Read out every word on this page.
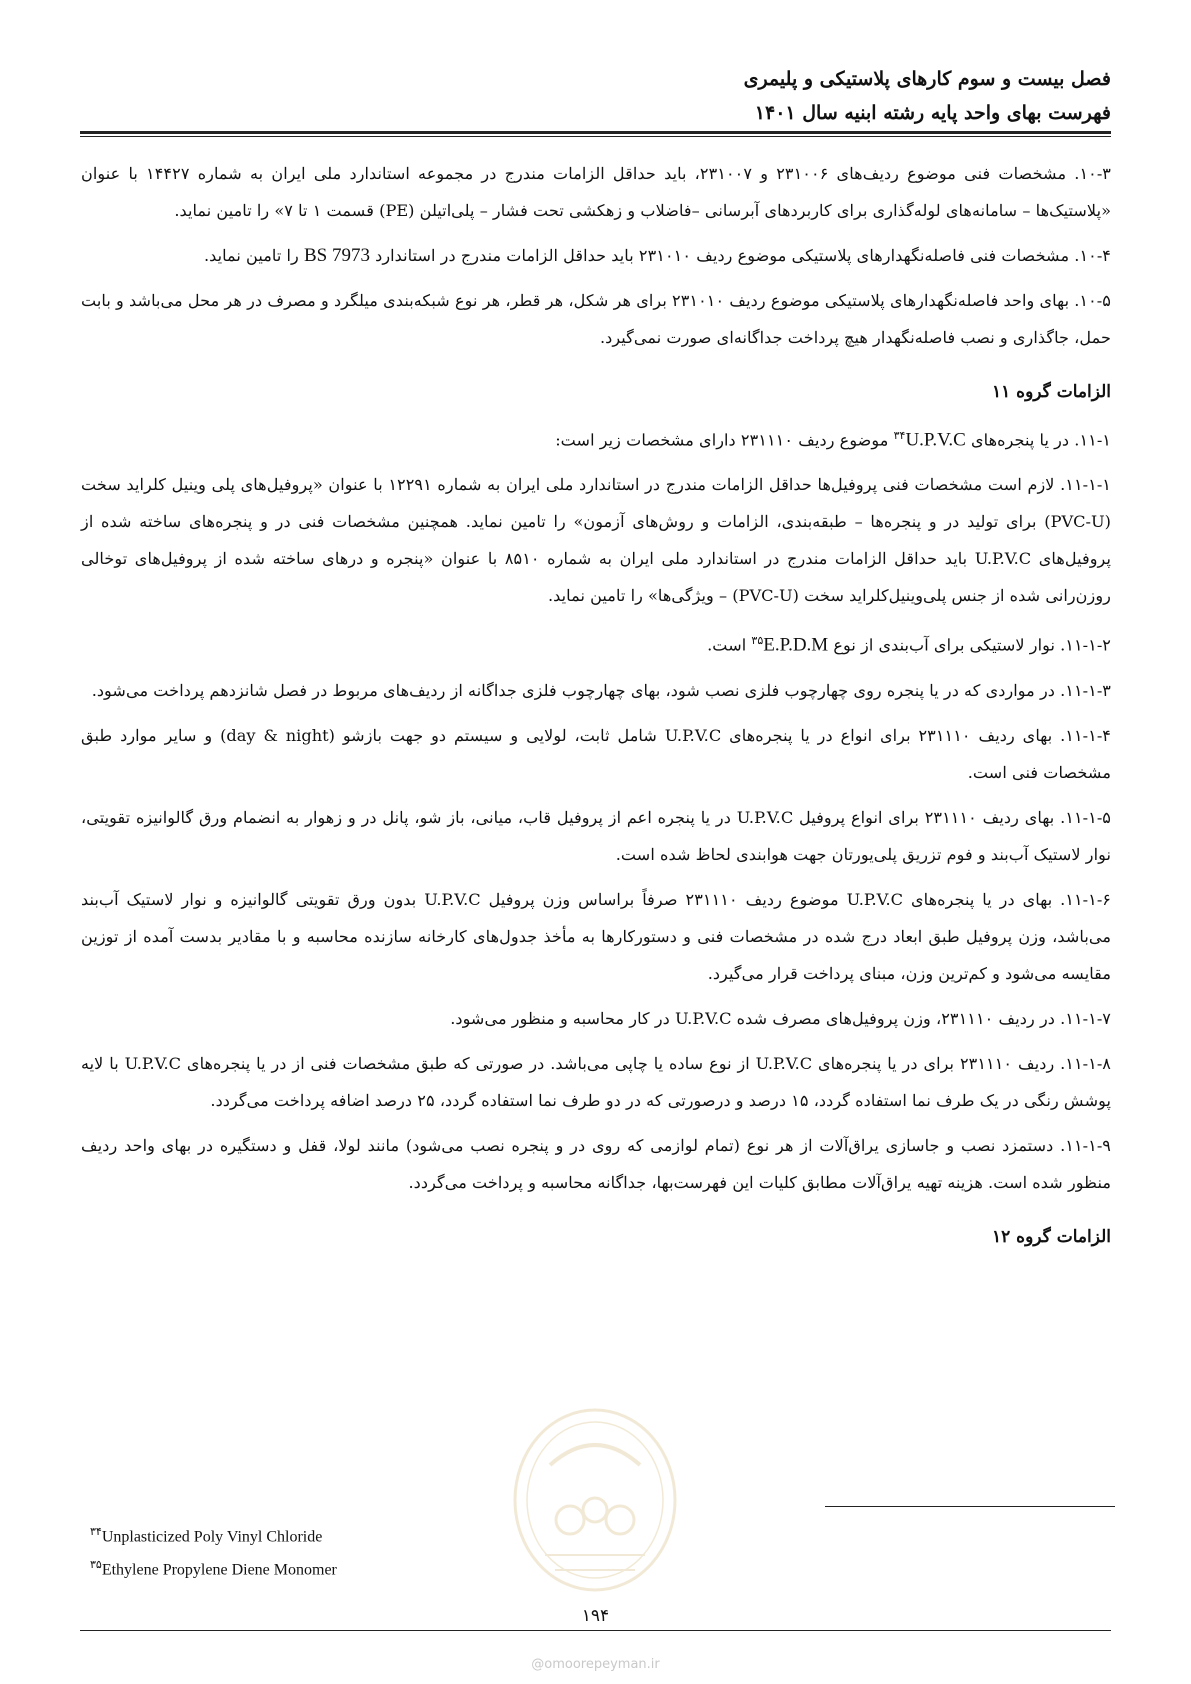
فصل بیست و سوم کارهای پلاستیکی و پلیمری
فهرست بهای واحد پایه رشته ابنیه سال ۱۴۰۱

۱۰-۳. مشخصات فنی موضوع ردیف‌های ۲۳۱۰۰۶ و ۲۳۱۰۰۷، باید حداقل الزامات مندرج در مجموعه استاندارد ملی ایران به شماره ۱۴۴۲۷ با عنوان «پلاستیک‌ها – سامانه‌های لوله‌گذاری برای کاربردهای آبرسانی –فاضلاب و زهکشی تحت فشار – پلی‌اتیلن (PE) قسمت ۱ تا ۷» را تامین نماید.

۱۰-۴. مشخصات فنی فاصله‌نگهدارهای پلاستیکی موضوع ردیف ۲۳۱۰۱۰ باید حداقل الزامات مندرج در استاندارد BS 7973 را تامین نماید.

۱۰-۵. بهای واحد فاصله‌نگهدارهای پلاستیکی موضوع ردیف ۲۳۱۰۱۰ برای هر شکل، هر قطر، هر نوع شبکه‌بندی میلگرد و مصرف در هر محل می‌باشد و بابت حمل، جاگذاری و نصب فاصله‌نگهدار هیچ پرداخت جداگانه‌ای صورت نمی‌گیرد.

الزامات گروه ۱۱

۱۱-۱. در یا پنجره‌های $U.P.V.C^{۳۴}$ موضوع ردیف ۲۳۱۱۱۰ دارای مشخصات زیر است:

۱۱-۱-۱. لازم است مشخصات فنی پروفیل‌ها حداقل الزامات مندرج در استاندارد ملی ایران به شماره ۱۲۲۹۱ با عنوان «پروفیل‌های پلی وینیل کلراید سخت (PVC-U) برای تولید در و پنجره‌ها – طبقه‌بندی، الزامات و روش‌های آزمون» را تامین نماید. همچنین مشخصات فنی در و پنجره‌های ساخته شده از پروفیل‌های U.P.V.C باید حداقل الزامات مندرج در استاندارد ملی ایران به شماره ۸۵۱۰ با عنوان «پنجره و درهای ساخته شده از پروفیل‌های توخالی روزن‌رانی شده از جنس پلی‌وینیل‌کلراید سخت (PVC-U) – ویژگی‌ها» را تامین نماید.

۱۱-۱-۲. نوار لاستیکی برای آب‌بندی از نوع $E.P.D.M^{۳۵}$ است.

۱۱-۱-۳. در مواردی که در یا پنجره روی چهارچوب فلزی نصب شود، بهای چهارچوب فلزی جداگانه از ردیف‌های مربوط در فصل شانزدهم پرداخت می‌شود.

۱۱-۱-۴. بهای ردیف ۲۳۱۱۱۰ برای انواع در یا پنجره‌های U.P.V.C شامل ثابت، لولایی و سیستم دو جهت بازشو (day & night) و سایر موارد طبق مشخصات فنی است.

۱۱-۱-۵. بهای ردیف ۲۳۱۱۱۰ برای انواع پروفیل U.P.V.C در یا پنجره اعم از پروفیل قاب، میانی، باز شو، پانل در و زهوار به انضمام ورق گالوانیزه تقویتی، نوار لاستیک آب‌بند و فوم تزریق پلی‌یورتان جهت هوابندی لحاظ شده است.

۱۱-۱-۶. بهای در یا پنجره‌های U.P.V.C موضوع ردیف ۲۳۱۱۱۰ صرفاً براساس وزن پروفیل U.P.V.C بدون ورق تقویتی گالوانیزه و نوار لاستیک آب‌بند می‌باشد، وزن پروفیل طبق ابعاد درج شده در مشخصات فنی و دستورکارها به مأخذ جدول‌های کارخانه سازنده محاسبه و با مقادیر بدست آمده از توزین مقایسه می‌شود و کم‌ترین وزن، مبنای پرداخت قرار می‌گیرد.

۱۱-۱-۷. در ردیف ۲۳۱۱۱۰، وزن پروفیل‌های مصرف شده U.P.V.C در کار محاسبه و منظور می‌شود.

۱۱-۱-۸. ردیف ۲۳۱۱۱۰ برای در یا پنجره‌های U.P.V.C از نوع ساده یا چاپی می‌باشد. در صورتی که طبق مشخصات فنی از در یا پنجره‌های U.P.V.C با لایه پوشش رنگی در یک طرف نما استفاده گردد، ۱۵ درصد و درصورتی که در دو طرف نما استفاده گردد، ۲۵ درصد اضافه پرداخت می‌گردد.

۱۱-۱-۹. دستمزد نصب و جاسازی یراق‌آلات از هر نوع (تمام لوازمی که روی در و پنجره نصب می‌شود) مانند لولا، قفل و دستگیره در بهای واحد ردیف منظور شده است. هزینه تهیه یراق‌آلات مطابق کلیات این فهرست‌بها، جداگانه محاسبه و پرداخت می‌گردد.

الزامات گروه ۱۲
$^{۳۴}$Unplasticized Poly Vinyl Chloride
$^{۳۵}$Ethylene Propylene Diene Monomer
۱۹۴
@omoorepeyman.ir
